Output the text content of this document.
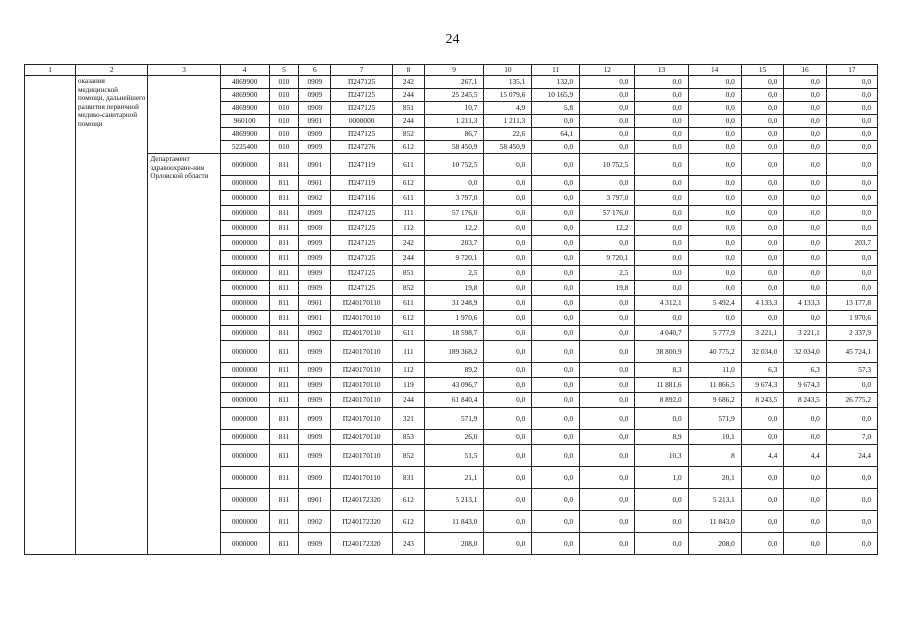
24
1	2	3	4	5	6	7	8	9	10	11	12	13	14	15	16	17

	оказания медицинской помощи, дальнейшего развития первичной медико-санитарной помощи		4869900	010	0909	П247125	242	267,1	135,1	132,0	0,0	0,0	0,0	0,0	0,0	0,0
			4869900	010	0909	П247125	244	25 245,5	15 079,6	10 165,9	0,0	0,0	0,0	0,0	0,0	0,0
			4869900	010	0909	П247125	851	10,7	4,9	5,8	0,0	0,0	0,0	0,0	0,0	0,0
			960100	010	0901	0000000	244	1 211,3	1 211,3	0,0	0,0	0,0	0,0	0,0	0,0	0,0
			4869900	010	0909	П247125	852	86,7	22,6	64,1	0,0	0,0	0,0	0,0	0,0	0,0
			5225400	010	0909	П247276	612	58 450,9	58 450,9	0,0	0,0	0,0	0,0	0,0	0,0	0,0
		Департамент здравоохране-ния Орловской области	0000000	811	0901	П247119	611	10 752,5	0,0	0,0	10 752,5	0,0	0,0	0,0	0,0	0,0
			0000000	811	0901	П247119	612	0,0	0,0	0,0	0,0	0,0	0,0	0,0	0,0	0,0
			0000000	811	0902	П247116	611	3 797,0	0,0	0,0	3 797,0	0,0	0,0	0,0	0,0	0,0
			0000000	811	0909	П247125	111	57 176,0	0,0	0,0	57 176,0	0,0	0,0	0,0	0,0	0,0
			0000000	811	0909	П247125	112	12,2	0,0	0,0	12,2	0,0	0,0	0,0	0,0	0,0
			0000000	811	0909	П247125	242	203,7	0,0	0,0	0,0	0,0	0,0	0,0	0,0	203,7
			0000000	811	0909	П247125	244	9 720,1	0,0	0,0	9 720,1	0,0	0,0	0,0	0,0	0,0
			0000000	811	0909	П247125	851	2,5	0,0	0,0	2,5	0,0	0,0	0,0	0,0	0,0
			0000000	811	0909	П247125	852	19,8	0,0	0,0	19,8	0,0	0,0	0,0	0,0	0,0
			0000000	811	0901	П240170110	611	31 248,9	0,0	0,0	0,0	4 312,1	5 492,4	4 133,3	4 133,3	13 177,8
			0000000	811	0901	П240170110	612	1 970,6	0,0	0,0	0,0	0,0	0,0	0,0	0,0	1 970,6
			0000000	811	0902	П240170110	611	18 598,7	0,0	0,0	0,0	4 040,7	5 777,9	3 221,1	3 221,1	2 337,9
			0000000	811	0909	П240170110	111	189 368,2	0,0	0,0	0,0	38 800,9	40 775,2	32 034,0	32 034,0	45 724,1
			0000000	811	0909	П240170110	112	89,2	0,0	0,0	0,0	8,3	11,0	6,3	6,3	57,3
			0000000	811	0909	П240170110	119	43 096,7	0,0	0,0	0,0	11 881,6	11 866,5	9 674,3	9 674,3	0,0
			0000000	811	0909	П240170110	244	61 840,4	0,0	0,0	0,0	8 892,0	9 686,2	8 243,5	8 243,5	26 775,2
			0000000	811	0909	П240170110	321	571,9	0,0	0,0	0,0	0,0	571,9	0,0	0,0	0,0
			0000000	811	0909	П240170110	853	26,0	0,0	0,0	0,0	8,9	10,1	0,0	0,0	7,0
			0000000	811	0909	П240170110	852	51,5	0,0	0,0	0,0	10,3	8	4,4	4,4	24,4
			0000000	811	0909	П240170110	831	21,1	0,0	0,0	0,0	1,0	20,1	0,0	0,0	0,0
			0000000	811	0901	П240172320	612	5 213,1	0,0	0,0	0,0	0,0	5 213,1	0,0	0,0	0,0
			0000000	811	0902	П240172320	612	11 843,0	0,0	0,0	0,0	0,0	11 843,0	0,0	0,0	0,0
			0000000	811	0909	П240172320	243	208,0	0,0	0,0	0,0	0,0	208,0	0,0	0,0	0,0
